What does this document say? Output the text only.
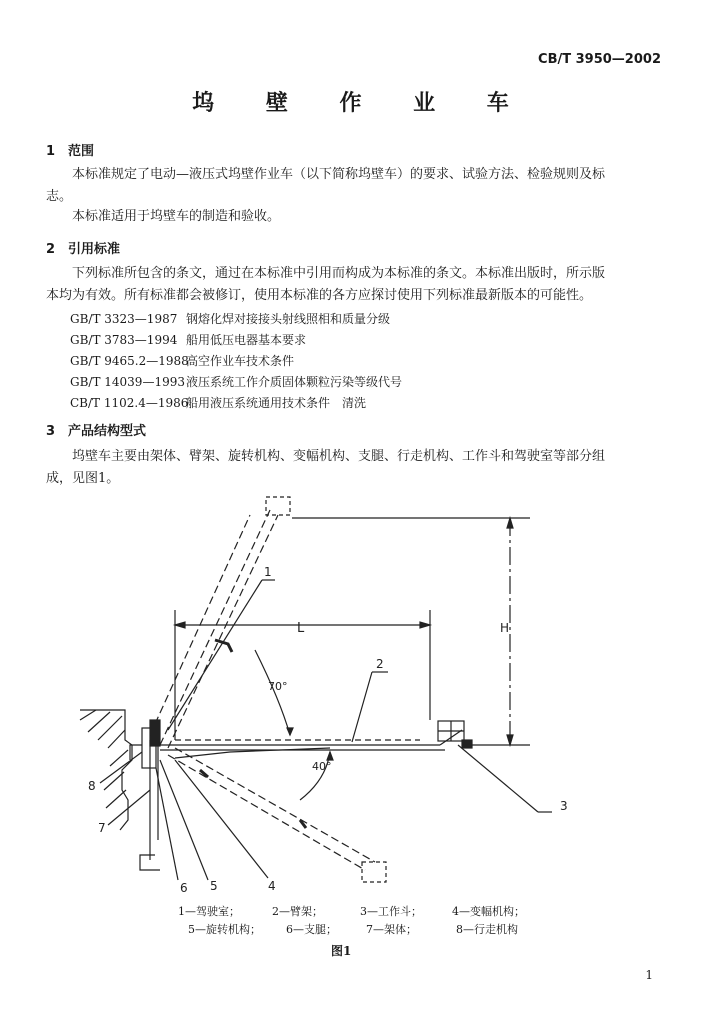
CB/T 3950—2002
坞 壁 作 业 车
1 范围
本标准规定了电动—液压式坞壁作业车（以下简称坞壁车）的要求、试验方法、检验规则及标
志。
本标准适用于坞壁车的制造和验收。
2 引用标准
下列标准所包含的条文，通过在本标准中引用而构成为本标准的条文。本标准出版时，所示版
本均为有效。所有标准都会被修订，使用本标准的各方应探讨使用下列标准最新版本的可能性。
GB/T 3323—1987 钢熔化焊对接接头射线照相和质量分级
GB/T 3783—1994 船用低压电器基本要求
GB/T 9465.2—1988高空作业车技术条件
GB/T 14039—1993液压系统工作介质固体颗粒污染等级代号
CB/T 1102.4—1986船用液压系统通用技术条件　清洗
3 产品结构型式
坞壁车主要由架体、臂架、旋转机构、变幅机构、支腿、行走机构、工作斗和驾驶室等部分组
成，见图1。
L	H
70°
40°
1
2
3
4
5
6
7
8
1—驾驶室；	2—臂架；	3—工作斗；	4—变幅机构；
5—旋转机构； 6—支腿；	7—架体；	8—行走机构
图1
1
